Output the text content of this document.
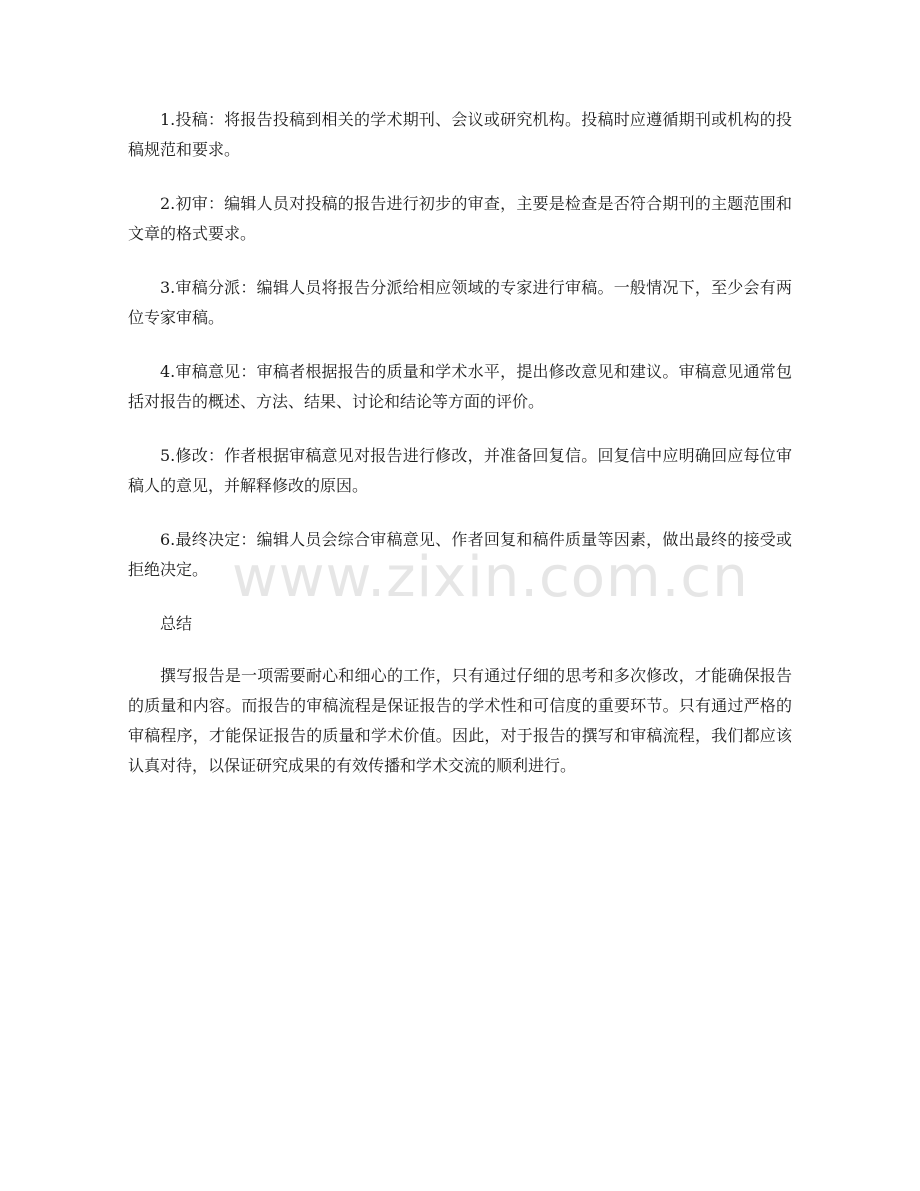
1.投稿：将报告投稿到相关的学术期刊、会议或研究机构。投稿时应遵循期刊或机构的投稿规范和要求。

2.初审：编辑人员对投稿的报告进行初步的审查，主要是检查是否符合期刊的主题范围和文章的格式要求。

3.审稿分派：编辑人员将报告分派给相应领域的专家进行审稿。一般情况下，至少会有两位专家审稿。

4.审稿意见：审稿者根据报告的质量和学术水平，提出修改意见和建议。审稿意见通常包括对报告的概述、方法、结果、讨论和结论等方面的评价。

5.修改：作者根据审稿意见对报告进行修改，并准备回复信。回复信中应明确回应每位审稿人的意见，并解释修改的原因。

6.最终决定：编辑人员会综合审稿意见、作者回复和稿件质量等因素，做出最终的接受或拒绝决定。

总结

撰写报告是一项需要耐心和细心的工作，只有通过仔细的思考和多次修改，才能确保报告的质量和内容。而报告的审稿流程是保证报告的学术性和可信度的重要环节。只有通过严格的审稿程序，才能保证报告的质量和学术价值。因此，对于报告的撰写和审稿流程，我们都应该认真对待，以保证研究成果的有效传播和学术交流的顺利进行。

www.zixin.com.cn
